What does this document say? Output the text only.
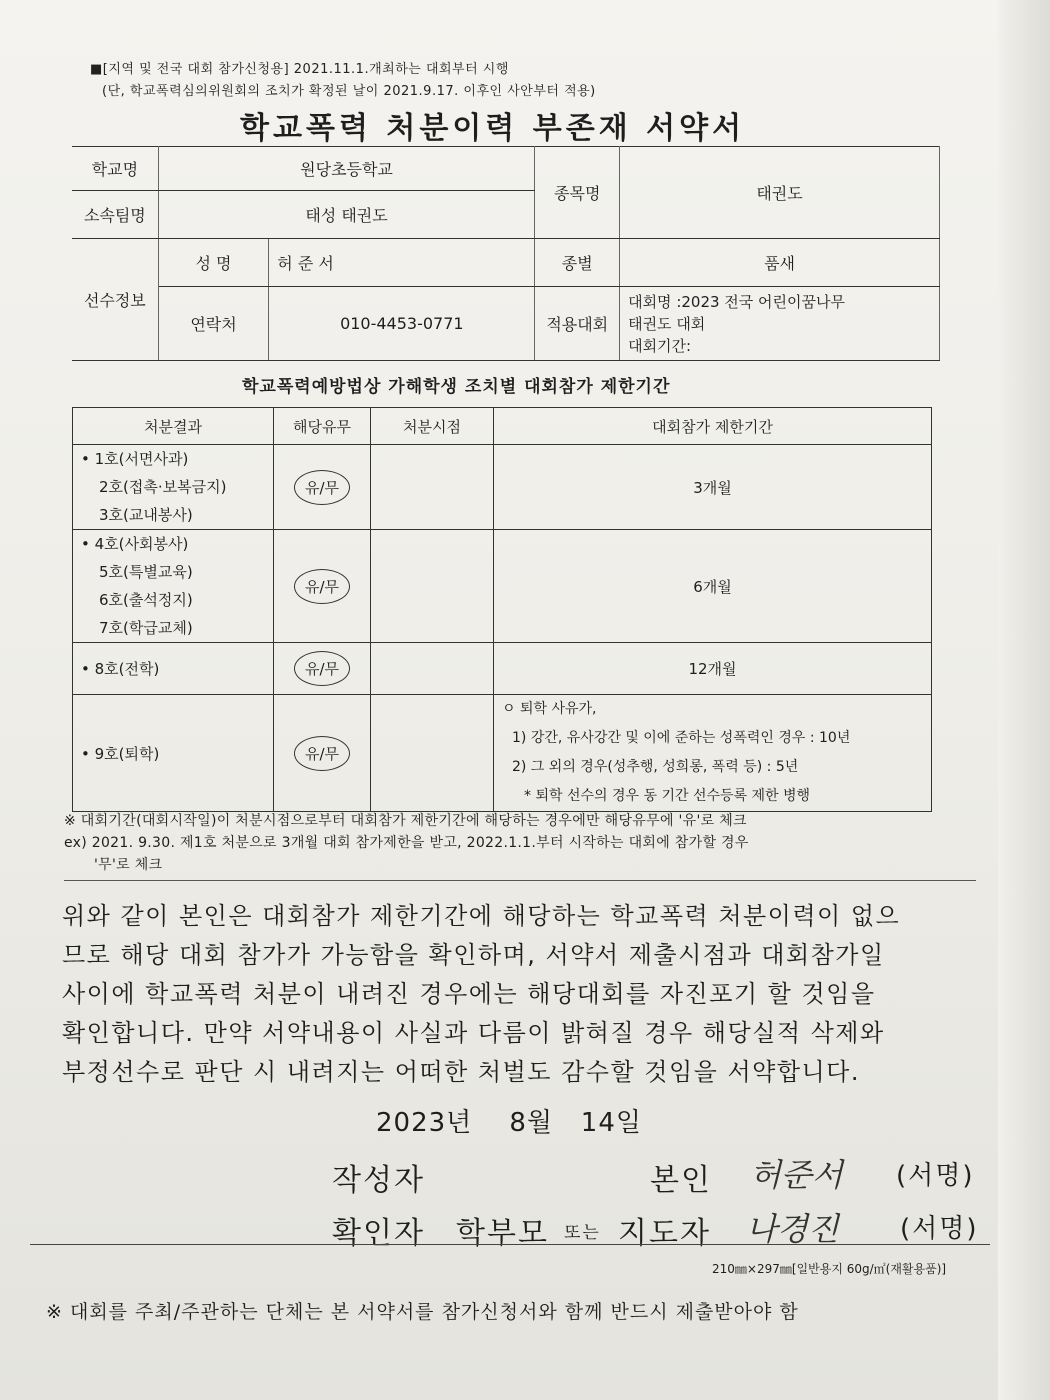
■[지역 및 전국 대회 참가신청용] 2021.11.1.개최하는 대회부터 시행
(단, 학교폭력심의위원회의 조치가 확정된 날이 2021.9.17. 이후인 사안부터 적용)
학교폭력 처분이력 부존재 서약서
학교명	원당초등학교		종목명	태권도
소속팀명	태성 태권도			
선수정보	성 명	허 준 서	종별	품새
	연락처	010-4453-0771	적용대회	대회명 :2023 전국 어린이꿈나무
태권도 대회
대회기간:
학교폭력예방법상 가해학생 조치별 대회참가 제한기간
처분결과	해당유무	처분시점	대회참가 제한기간

• 1호(서면사과)
2호(접촉·보복금지)
3호(교내봉사)	유/무		3개월

• 4호(사회봉사)
5호(특별교육)
6호(출석정지)
7호(학급교체)	유/무		6개월
• 8호(전학)	유/무		12개월
• 9호(퇴학)	유/무		ㅇ 퇴학 사유가,
1) 강간, 유사강간 및 이에 준하는 성폭력인 경우 : 10년
2) 그 외의 경우(성추행, 성희롱, 폭력 등) : 5년
* 퇴학 선수의 경우 동 기간 선수등록 제한 병행
※ 대회기간(대회시작일)이 처분시점으로부터 대회참가 제한기간에 해당하는 경우에만 해당유무에 '유'로 체크
ex) 2021. 9.30. 제1호 처분으로 3개월 대회 참가제한을 받고, 2022.1.1.부터 시작하는 대회에 참가할 경우
'무'로 체크
위와 같이 본인은 대회참가 제한기간에 해당하는 학교폭력 처분이력이 없으
므로 해당 대회 참가가 가능함을 확인하며, 서약서 제출시점과 대회참가일
사이에 학교폭력 처분이 내려진 경우에는 해당대회를 자진포기 할 것임을
확인합니다. 만약 서약내용이 사실과 다름이 밝혀질 경우 해당실적 삭제와
부정선수로 판단 시 내려지는 어떠한 처벌도 감수할 것임을 서약합니다.
2023년    8월   14일
작성자	본인 허준서 (서명)
확인자 학부모 또는 지도자 나경진 (서명)
210㎜×297㎜[일반용지 60g/㎡(재활용품)]
※ 대회를 주최/주관하는 단체는 본 서약서를 참가신청서와 함께 반드시 제출받아야 함
